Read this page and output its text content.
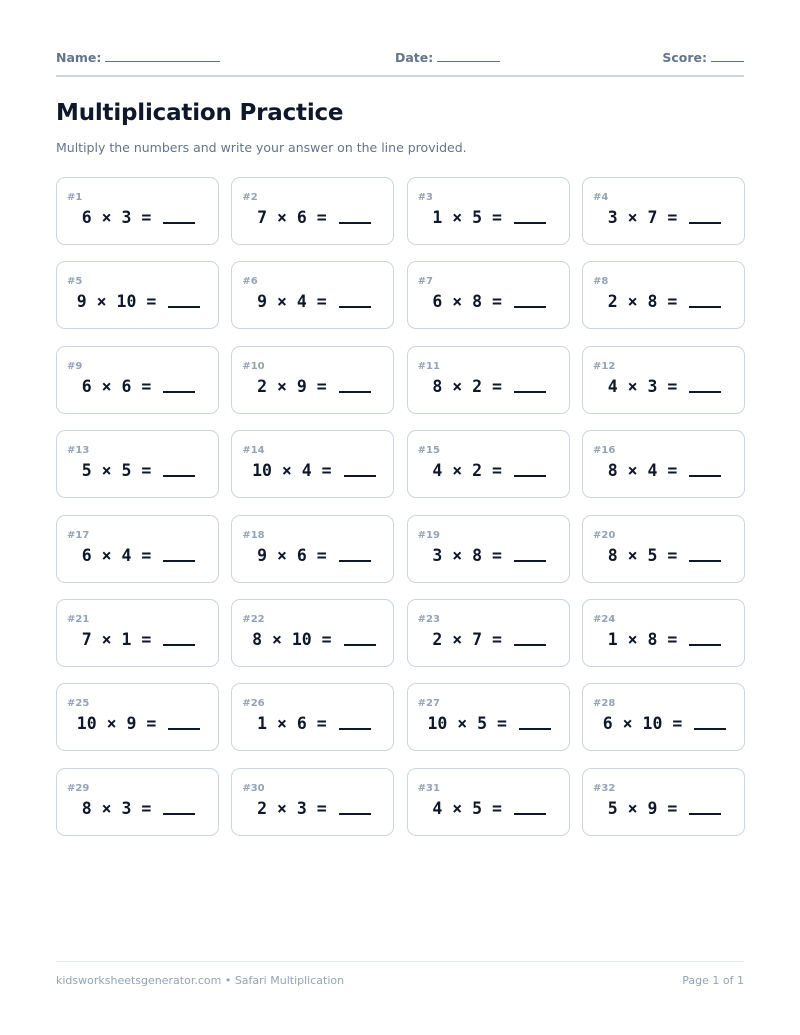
Name:	Date:	Score:
Multiplication Practice
Multiply the numbers and write your answer on the line provided.
#1
6 × 3 =
#2
7 × 6 =
#3
1 × 5 =
#4
3 × 7 =
#5
9 × 10 =
#6
9 × 4 =
#7
6 × 8 =
#8
2 × 8 =
#9
6 × 6 =
#10
2 × 9 =
#11
8 × 2 =
#12
4 × 3 =
#13
5 × 5 =
#14
10 × 4 =
#15
4 × 2 =
#16
8 × 4 =
#17
6 × 4 =
#18
9 × 6 =
#19
3 × 8 =
#20
8 × 5 =
#21
7 × 1 =
#22
8 × 10 =
#23
2 × 7 =
#24
1 × 8 =
#25
10 × 9 =
#26
1 × 6 =
#27
10 × 5 =
#28
6 × 10 =
#29
8 × 3 =
#30
2 × 3 =
#31
4 × 5 =
#32
5 × 9 =
kidsworksheetsgenerator.com • Safari Multiplication	Page 1 of 1
